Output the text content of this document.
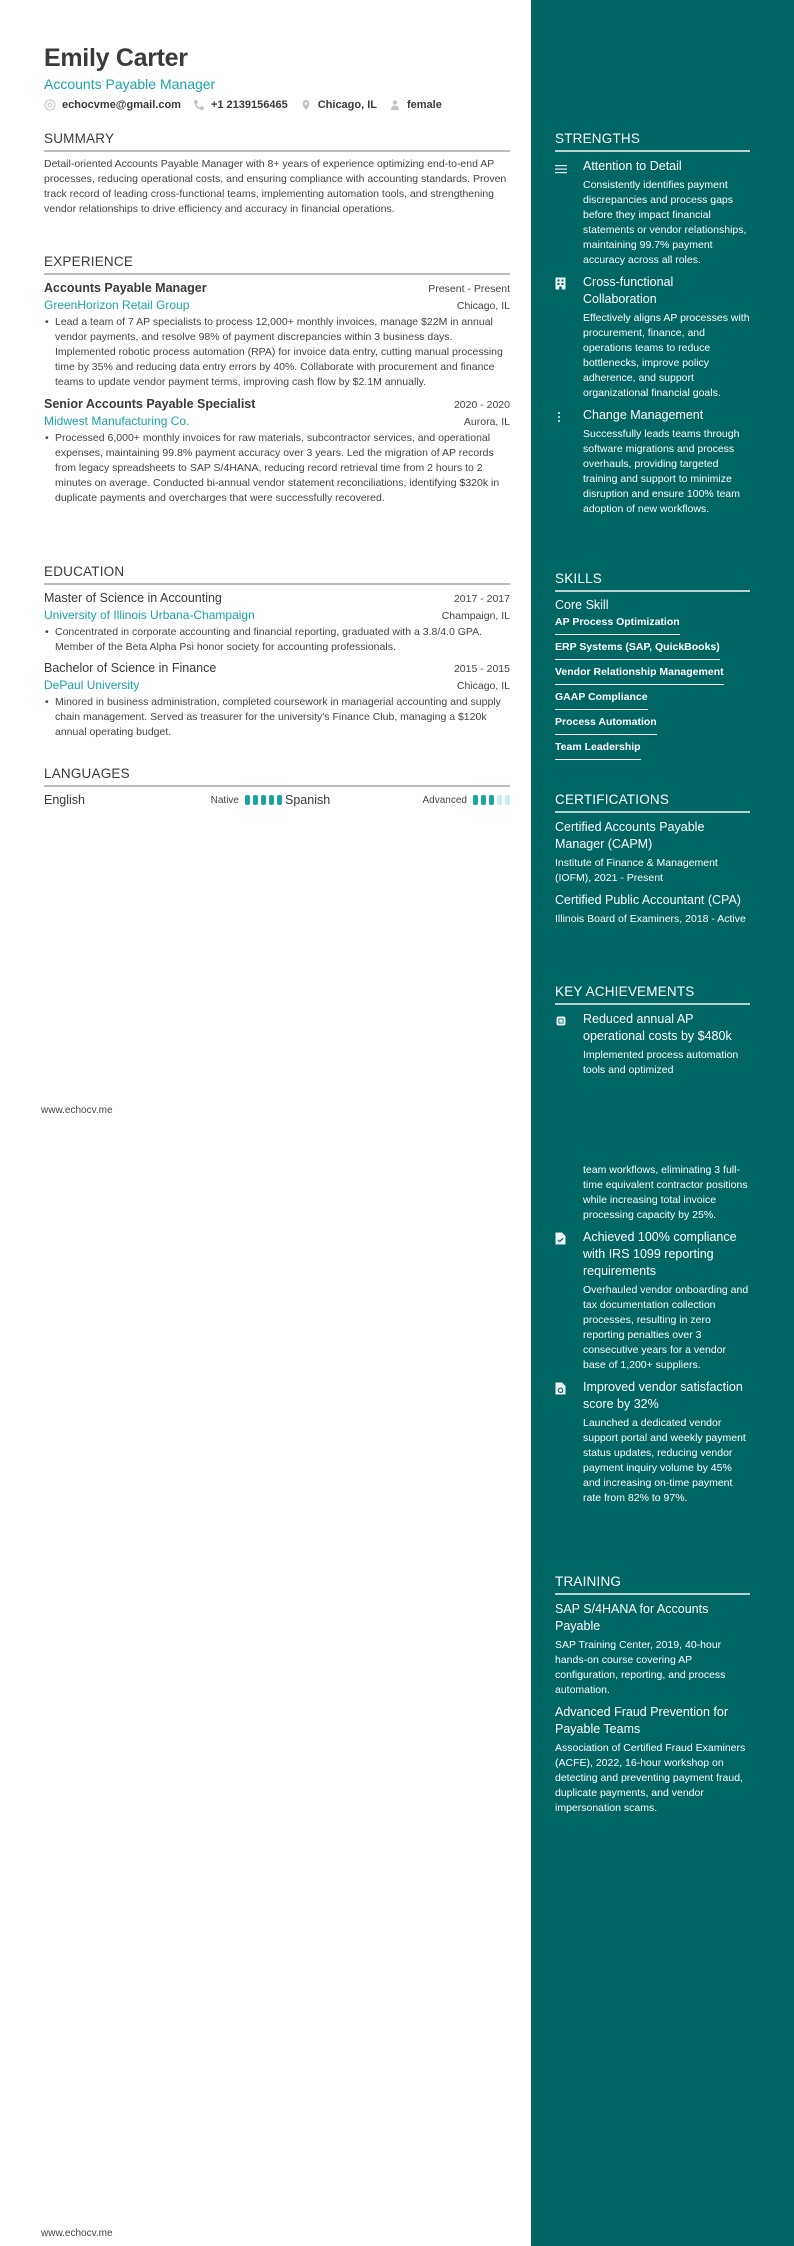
Emily Carter
Accounts Payable Manager
echocvme@gmail.com	+1 2139156465	Chicago, IL	female
SUMMARY
Detail-oriented Accounts Payable Manager with 8+ years of experience optimizing end-to-end AP processes, reducing operational costs, and ensuring compliance with accounting standards. Proven track record of leading cross-functional teams, implementing automation tools, and strengthening vendor relationships to drive efficiency and accuracy in financial operations.
EXPERIENCE
Accounts Payable Manager	Present - Present
GreenHorizon Retail Group	Chicago, IL
• Lead a team of 7 AP specialists to process 12,000+ monthly invoices, manage $22M in annual vendor payments, and resolve 98% of payment discrepancies within 3 business days. Implemented robotic process automation (RPA) for invoice data entry, cutting manual processing time by 35% and reducing data entry errors by 40%. Collaborate with procurement and finance teams to update vendor payment terms, improving cash flow by $2.1M annually.
Senior Accounts Payable Specialist	2020 - 2020
Midwest Manufacturing Co.	Aurora, IL
• Processed 6,000+ monthly invoices for raw materials, subcontractor services, and operational expenses, maintaining 99.8% payment accuracy over 3 years. Led the migration of AP records from legacy spreadsheets to SAP S/4HANA, reducing record retrieval time from 2 hours to 2 minutes on average. Conducted bi-annual vendor statement reconciliations, identifying $320k in duplicate payments and overcharges that were successfully recovered.
EDUCATION
Master of Science in Accounting	2017 - 2017
University of Illinois Urbana-Champaign	Champaign, IL
• Concentrated in corporate accounting and financial reporting, graduated with a 3.8/4.0 GPA. Member of the Beta Alpha Psi honor society for accounting professionals.
Bachelor of Science in Finance	2015 - 2015
DePaul University	Chicago, IL
• Minored in business administration, completed coursework in managerial accounting and supply chain management. Served as treasurer for the university's Finance Club, managing a $120k annual operating budget.
LANGUAGES
English	Native	Spanish	Advanced
www.echocv.me
www.echocv.me
STRENGTHS
Attention to Detail
Consistently identifies payment discrepancies and process gaps before they impact financial statements or vendor relationships, maintaining 99.7% payment accuracy across all roles.
Cross-functional Collaboration
Effectively aligns AP processes with procurement, finance, and operations teams to reduce bottlenecks, improve policy adherence, and support organizational financial goals.
Change Management
Successfully leads teams through software migrations and process overhauls, providing targeted training and support to minimize disruption and ensure 100% team adoption of new workflows.
SKILLS
Core Skill
AP Process Optimization
ERP Systems (SAP, QuickBooks)
Vendor Relationship Management
GAAP Compliance
Process Automation
Team Leadership
CERTIFICATIONS
Certified Accounts Payable Manager (CAPM)
Institute of Finance & Management (IOFM), 2021 - Present
Certified Public Accountant (CPA)
Illinois Board of Examiners, 2018 - Active
KEY ACHIEVEMENTS
Reduced annual AP operational costs by $480k
Implemented process automation tools and optimized
team workflows, eliminating 3 full-time equivalent contractor positions while increasing total invoice processing capacity by 25%.
Achieved 100% compliance with IRS 1099 reporting requirements
Overhauled vendor onboarding and tax documentation collection processes, resulting in zero reporting penalties over 3 consecutive years for a vendor base of 1,200+ suppliers.
Improved vendor satisfaction score by 32%
Launched a dedicated vendor support portal and weekly payment status updates, reducing vendor payment inquiry volume by 45% and increasing on-time payment rate from 82% to 97%.
TRAINING
SAP S/4HANA for Accounts Payable
SAP Training Center, 2019, 40-hour hands-on course covering AP configuration, reporting, and process automation.
Advanced Fraud Prevention for Payable Teams
Association of Certified Fraud Examiners (ACFE), 2022, 16-hour workshop on detecting and preventing payment fraud, duplicate payments, and vendor impersonation scams.
